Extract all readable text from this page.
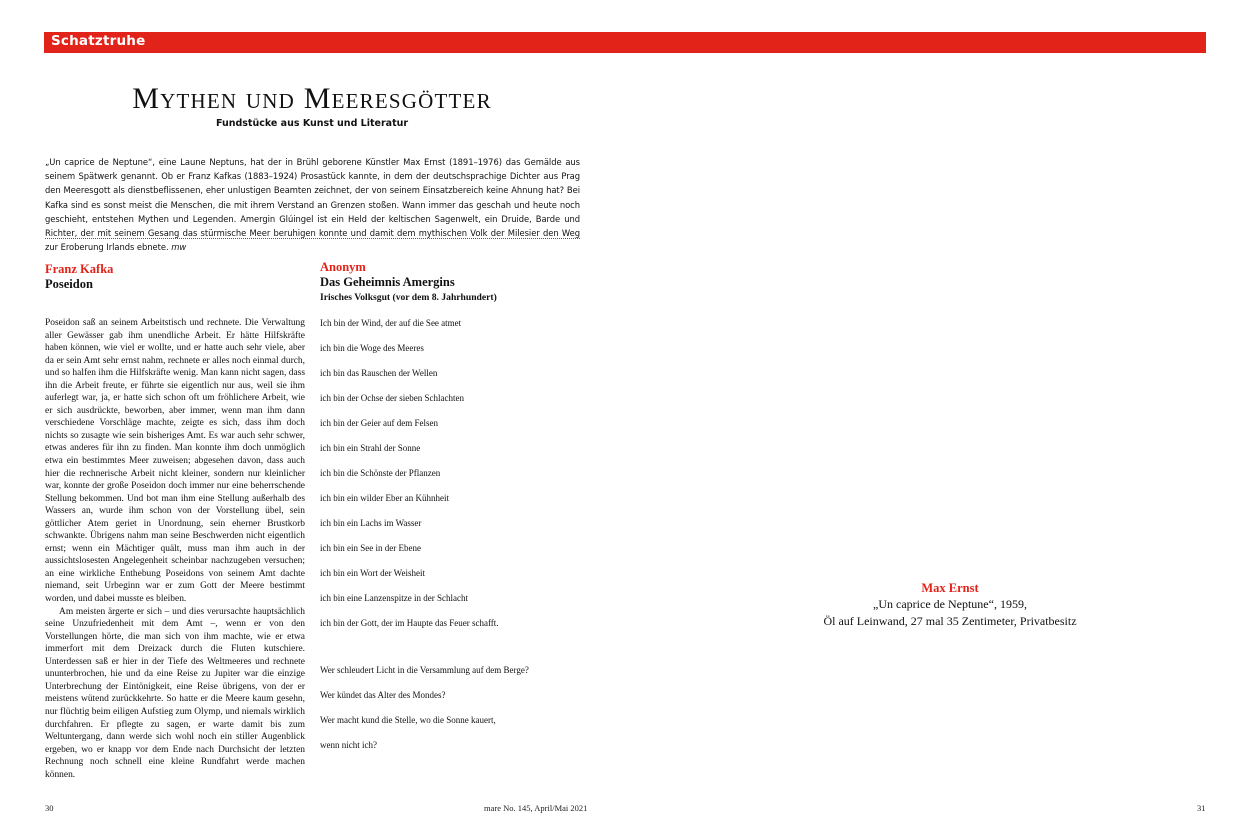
Schatztruhe
Mythen und Meeresgötter
Fundstücke aus Kunst und Literatur
„Un caprice de Neptune“, eine Laune Neptuns, hat der in Brühl geborene Künstler Max Ernst (1891–1976) das Gemälde aus seinem Spätwerk genannt. Ob er Franz Kafkas (1883–1924) Prosastück kannte, in dem der deutschsprachige Dichter aus Prag den Meeresgott als dienstbeflissenen, eher unlustigen Beamten zeichnet, der von seinem Einsatzbereich keine Ahnung hat? Bei Kafka sind es sonst meist die Menschen, die mit ihrem Verstand an Grenzen stoßen. Wann immer das geschah und heute noch geschieht, entstehen Mythen und Legenden. Amergin Glúingel ist ein Held der keltischen Sagenwelt, ein Druide, Barde und Richter, der mit seinem Gesang das stürmische Meer beruhigen konnte und damit dem mythischen Volk der Milesier den Weg zur Eroberung Irlands ebnete. mw
Franz Kafka
Poseidon

Poseidon saß an seinem Arbeitstisch und rechnete. Die Verwaltung aller Gewässer gab ihm unendliche Arbeit. Er hätte Hilfskräfte haben können, wie viel er wollte, und er hatte auch sehr viele, aber da er sein Amt sehr ernst nahm, rechnete er alles noch einmal durch, und so halfen ihm die Hilfskräfte wenig. Man kann nicht sagen, dass ihn die Arbeit freute, er führte sie eigentlich nur aus, weil sie ihm auferlegt war, ja, er hatte sich schon oft um fröhlichere Arbeit, wie er sich ausdrückte, beworben, aber immer, wenn man ihm dann verschiedene Vorschläge machte, zeigte es sich, dass ihm doch nichts so zusagte wie sein bisheriges Amt. Es war auch sehr schwer, etwas anderes für ihn zu finden. Man konnte ihm doch unmöglich etwa ein bestimmtes Meer zuweisen; abgesehen davon, dass auch hier die rechnerische Arbeit nicht kleiner, sondern nur kleinlicher war, konnte der große Poseidon doch immer nur eine beherrschende Stellung bekommen. Und bot man ihm eine Stellung außerhalb des Wassers an, wurde ihm schon von der Vorstellung übel, sein göttlicher Atem geriet in Unordnung, sein eherner Brustkorb schwankte. Übrigens nahm man seine Beschwerden nicht eigentlich ernst; wenn ein Mächtiger quält, muss man ihm auch in der aussichtslosesten Angelegenheit scheinbar nachzugeben versuchen; an eine wirkliche Enthebung Poseidons von seinem Amt dachte niemand, seit Urbeginn war er zum Gott der Meere bestimmt worden, und dabei musste es bleiben.

Am meisten ärgerte er sich – und dies verursachte hauptsächlich seine Unzufriedenheit mit dem Amt –, wenn er von den Vorstellungen hörte, die man sich von ihm machte, wie er etwa immerfort mit dem Dreizack durch die Fluten kutschiere. Unterdessen saß er hier in der Tiefe des Weltmeeres und rechnete ununterbrochen, hie und da eine Reise zu Jupiter war die einzige Unterbrechung der Eintönigkeit, eine Reise übrigens, von der er meistens wütend zurückkehrte. So hatte er die Meere kaum gesehn, nur flüchtig beim eiligen Aufstieg zum Olymp, und niemals wirklich durchfahren. Er pflegte zu sagen, er warte damit bis zum Weltuntergang, dann werde sich wohl noch ein stiller Augenblick ergeben, wo er knapp vor dem Ende nach Durchsicht der letzten Rechnung noch schnell eine kleine Rundfahrt werde machen können.

Anonym
Das Geheimnis Amergins
Irisches Volksgut (vor dem 8. Jahrhundert)
Ich bin der Wind, der auf die See atmet
ich bin die Woge des Meeres
ich bin das Rauschen der Wellen
ich bin der Ochse der sieben Schlachten
ich bin der Geier auf dem Felsen
ich bin ein Strahl der Sonne
ich bin die Schönste der Pflanzen
ich bin ein wilder Eber an Kühnheit
ich bin ein Lachs im Wasser
ich bin ein See in der Ebene
ich bin ein Wort der Weisheit
ich bin eine Lanzenspitze in der Schlacht
ich bin der Gott, der im Haupte das Feuer schafft.
Wer schleudert Licht in die Versammlung auf dem Berge?
Wer kündet das Alter des Mondes?
Wer macht kund die Stelle, wo die Sonne kauert,
wenn nicht ich?
Max Ernst
„Un caprice de Neptune“, 1959,
Öl auf Leinwand, 27 mal 35 Zentimeter, Privatbesitz
30	mare No. 145, April/Mai 2021	31
